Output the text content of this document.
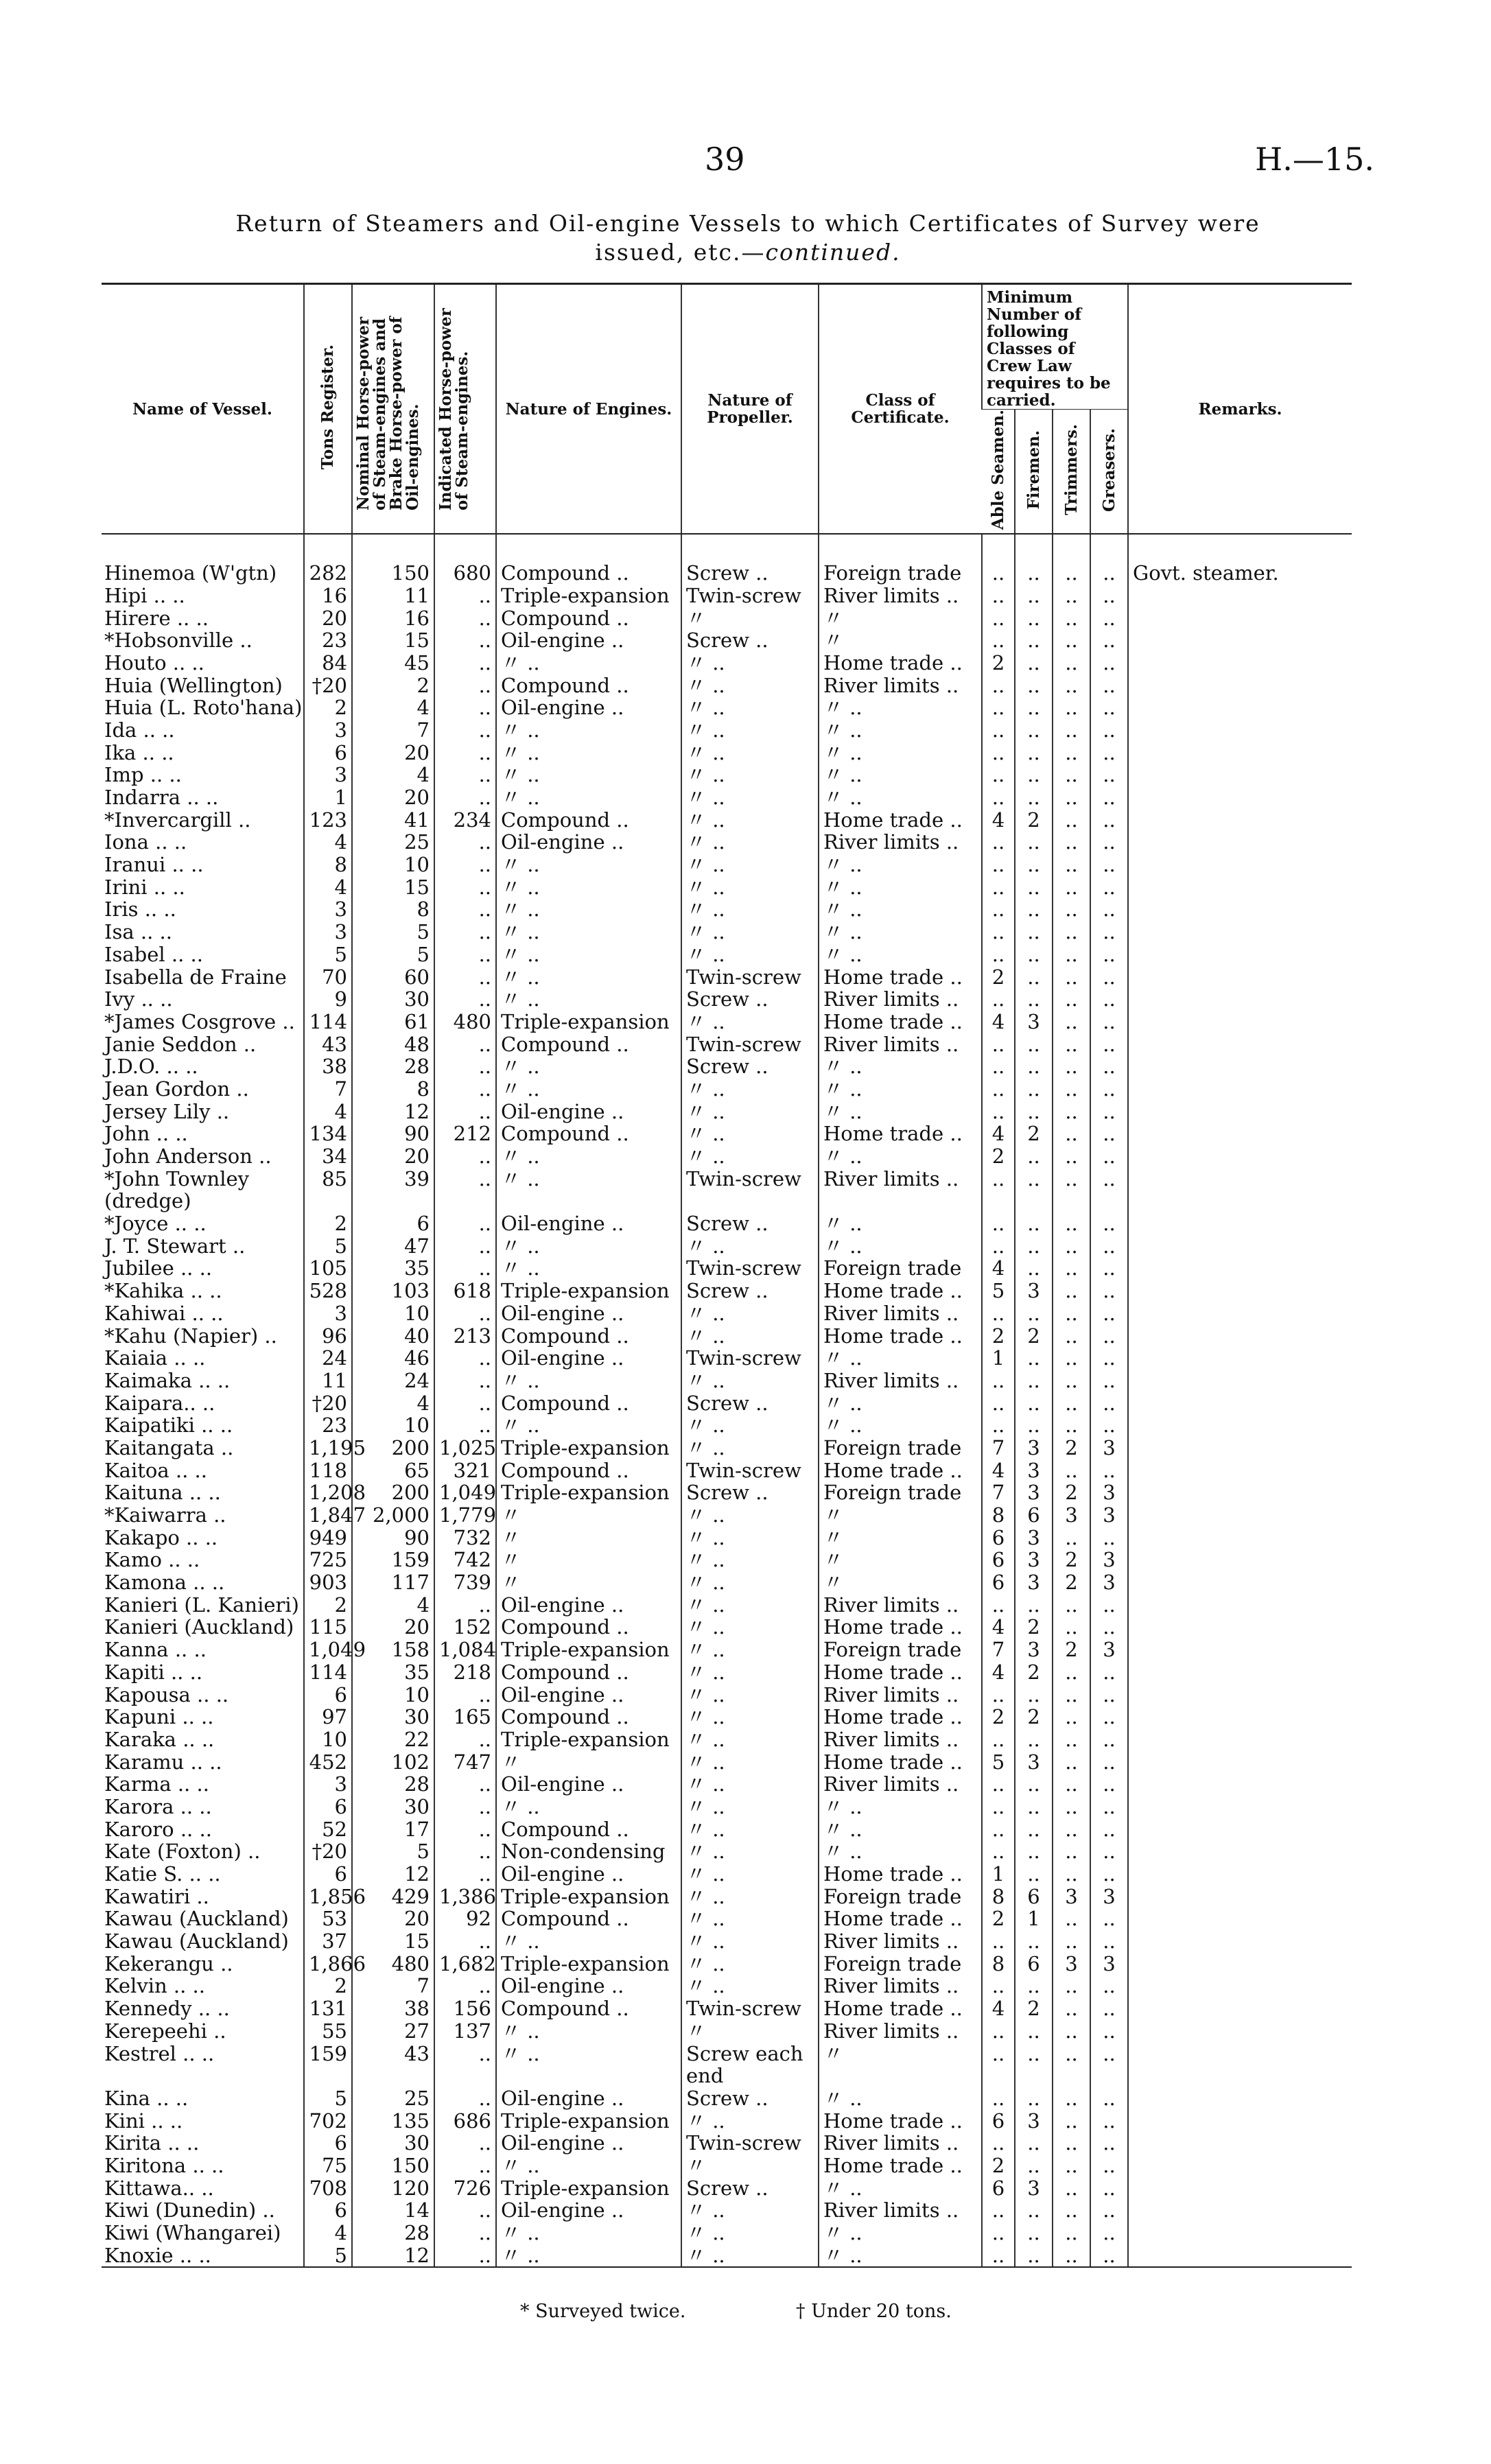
39	H.—15.
Return of Steamers and Oil-engine Vessels to which Certificates of Survey were
issued, etc.—continued.
Name of Vessel.	Tons Register.	Nominal Horse-power of Steam-engines and Brake Horse-power of Oil-engines.	Indicated Horse-power of Steam-engines.	Nature of Engines.	Nature of Propeller.	Class of Certificate.	Minimum Number of following Classes of Crew Law requires to be carried.				Remarks.
							Able Seamen.	Firemen.	Trimmers.	Greasers.	

Hinemoa (W'gtn)	282	150	680	Compound ..	Screw ..	Foreign trade	..	..	..	..	Govt. steamer.
Hipi .. ..	16	11	..	Triple-expansion	Twin-screw	River limits ..	..	..	..	..	
Hirere .. ..	20	16	..	Compound ..	〃	〃	..	..	..	..	
*Hobsonville ..	23	15	..	Oil-engine ..	Screw ..	〃	..	..	..	..	
Houto .. ..	84	45	..	〃 ..	〃 ..	Home trade ..	2	..	..	..	
Huia (Wellington)	†20	2	..	Compound ..	〃 ..	River limits ..	..	..	..	..	
Huia (L. Roto'hana)	2	4	..	Oil-engine ..	〃 ..	〃 ..	..	..	..	..	
Ida .. ..	3	7	..	〃 ..	〃 ..	〃 ..	..	..	..	..	
Ika .. ..	6	20	..	〃 ..	〃 ..	〃 ..	..	..	..	..	
Imp .. ..	3	4	..	〃 ..	〃 ..	〃 ..	..	..	..	..	
Indarra .. ..	1	20	..	〃 ..	〃 ..	〃 ..	..	..	..	..	
*Invercargill ..	123	41	234	Compound ..	〃 ..	Home trade ..	4	2	..	..	
Iona .. ..	4	25	..	Oil-engine ..	〃 ..	River limits ..	..	..	..	..	
Iranui .. ..	8	10	..	〃 ..	〃 ..	〃 ..	..	..	..	..	
Irini .. ..	4	15	..	〃 ..	〃 ..	〃 ..	..	..	..	..	
Iris .. ..	3	8	..	〃 ..	〃 ..	〃 ..	..	..	..	..	
Isa .. ..	3	5	..	〃 ..	〃 ..	〃 ..	..	..	..	..	
Isabel .. ..	5	5	..	〃 ..	〃 ..	〃 ..	..	..	..	..	
Isabella de Fraine	70	60	..	〃 ..	Twin-screw	Home trade ..	2	..	..	..	
Ivy .. ..	9	30	..	〃 ..	Screw ..	River limits ..	..	..	..	..	
*James Cosgrove ..	114	61	480	Triple-expansion	〃 ..	Home trade ..	4	3	..	..	
Janie Seddon ..	43	48	..	Compound ..	Twin-screw	River limits ..	..	..	..	..	
J.D.O. .. ..	38	28	..	〃 ..	Screw ..	〃 ..	..	..	..	..	
Jean Gordon ..	7	8	..	〃 ..	〃 ..	〃 ..	..	..	..	..	
Jersey Lily ..	4	12	..	Oil-engine ..	〃 ..	〃 ..	..	..	..	..	
John .. ..	134	90	212	Compound ..	〃 ..	Home trade ..	4	2	..	..	
John Anderson ..	34	20	..	〃 ..	〃 ..	〃 ..	2	..	..	..	
*John Townley	85	39	..	〃 ..	Twin-screw	River limits ..	..	..	..	..	
(dredge)											
*Joyce .. ..	2	6	..	Oil-engine ..	Screw ..	〃 ..	..	..	..	..	
J. T. Stewart ..	5	47	..	〃 ..	〃 ..	〃 ..	..	..	..	..	
Jubilee .. ..	105	35	..	〃 ..	Twin-screw	Foreign trade	4	..	..	..	
*Kahika .. ..	528	103	618	Triple-expansion	Screw ..	Home trade ..	5	3	..	..	
Kahiwai .. ..	3	10	..	Oil-engine ..	〃 ..	River limits ..	..	..	..	..	
*Kahu (Napier) ..	96	40	213	Compound ..	〃 ..	Home trade ..	2	2	..	..	
Kaiaia .. ..	24	46	..	Oil-engine ..	Twin-screw	〃 ..	1	..	..	..	
Kaimaka .. ..	11	24	..	〃 ..	〃 ..	River limits ..	..	..	..	..	
Kaipara.. ..	†20	4	..	Compound ..	Screw ..	〃 ..	..	..	..	..	
Kaipatiki .. ..	23	10	..	〃 ..	〃 ..	〃 ..	..	..	..	..	
Kaitangata ..	1,195	200	1,025	Triple-expansion	〃 ..	Foreign trade	7	3	2	3	
Kaitoa .. ..	118	65	321	Compound ..	Twin-screw	Home trade ..	4	3	..	..	
Kaituna .. ..	1,208	200	1,049	Triple-expansion	Screw ..	Foreign trade	7	3	2	3	
*Kaiwarra ..	1,847	2,000	1,779	〃	〃 ..	〃	8	6	3	3	
Kakapo .. ..	949	90	732	〃	〃 ..	〃	6	3	..	..	
Kamo .. ..	725	159	742	〃	〃 ..	〃	6	3	2	3	
Kamona .. ..	903	117	739	〃	〃 ..	〃	6	3	2	3	
Kanieri (L. Kanieri)	2	4	..	Oil-engine ..	〃 ..	River limits ..	..	..	..	..	
Kanieri (Auckland)	115	20	152	Compound ..	〃 ..	Home trade ..	4	2	..	..	
Kanna .. ..	1,049	158	1,084	Triple-expansion	〃 ..	Foreign trade	7	3	2	3	
Kapiti .. ..	114	35	218	Compound ..	〃 ..	Home trade ..	4	2	..	..	
Kapousa .. ..	6	10	..	Oil-engine ..	〃 ..	River limits ..	..	..	..	..	
Kapuni .. ..	97	30	165	Compound ..	〃 ..	Home trade ..	2	2	..	..	
Karaka .. ..	10	22	..	Triple-expansion	〃 ..	River limits ..	..	..	..	..	
Karamu .. ..	452	102	747	〃	〃 ..	Home trade ..	5	3	..	..	
Karma .. ..	3	28	..	Oil-engine ..	〃 ..	River limits ..	..	..	..	..	
Karora .. ..	6	30	..	〃 ..	〃 ..	〃 ..	..	..	..	..	
Karoro .. ..	52	17	..	Compound ..	〃 ..	〃 ..	..	..	..	..	
Kate (Foxton) ..	†20	5	..	Non-condensing	〃 ..	〃 ..	..	..	..	..	
Katie S. .. ..	6	12	..	Oil-engine ..	〃 ..	Home trade ..	1	..	..	..	
Kawatiri ..	1,856	429	1,386	Triple-expansion	〃 ..	Foreign trade	8	6	3	3	
Kawau (Auckland)	53	20	92	Compound ..	〃 ..	Home trade ..	2	1	..	..	
Kawau (Auckland)	37	15	..	〃 ..	〃 ..	River limits ..	..	..	..	..	
Kekerangu ..	1,866	480	1,682	Triple-expansion	〃 ..	Foreign trade	8	6	3	3	
Kelvin .. ..	2	7	..	Oil-engine ..	〃 ..	River limits ..	..	..	..	..	
Kennedy .. ..	131	38	156	Compound ..	Twin-screw	Home trade ..	4	2	..	..	
Kerepeehi ..	55	27	137	〃 ..	〃	River limits ..	..	..	..	..	
Kestrel .. ..	159	43	..	〃 ..	Screw each	〃	..	..	..	..	
					end						
Kina .. ..	5	25	..	Oil-engine ..	Screw ..	〃 ..	..	..	..	..	
Kini .. ..	702	135	686	Triple-expansion	〃 ..	Home trade ..	6	3	..	..	
Kirita .. ..	6	30	..	Oil-engine ..	Twin-screw	River limits ..	..	..	..	..	
Kiritona .. ..	75	150	..	〃 ..	〃	Home trade ..	2	..	..	..	
Kittawa.. ..	708	120	726	Triple-expansion	Screw ..	〃 ..	6	3	..	..	
Kiwi (Dunedin) ..	6	14	..	Oil-engine ..	〃 ..	River limits ..	..	..	..	..	
Kiwi (Whangarei)	4	28	..	〃 ..	〃 ..	〃 ..	..	..	..	..	
Knoxie .. ..	5	12	..	〃 ..	〃 ..	〃 ..	..	..	..	..	
* Surveyed twice.	† Under 20 tons.
